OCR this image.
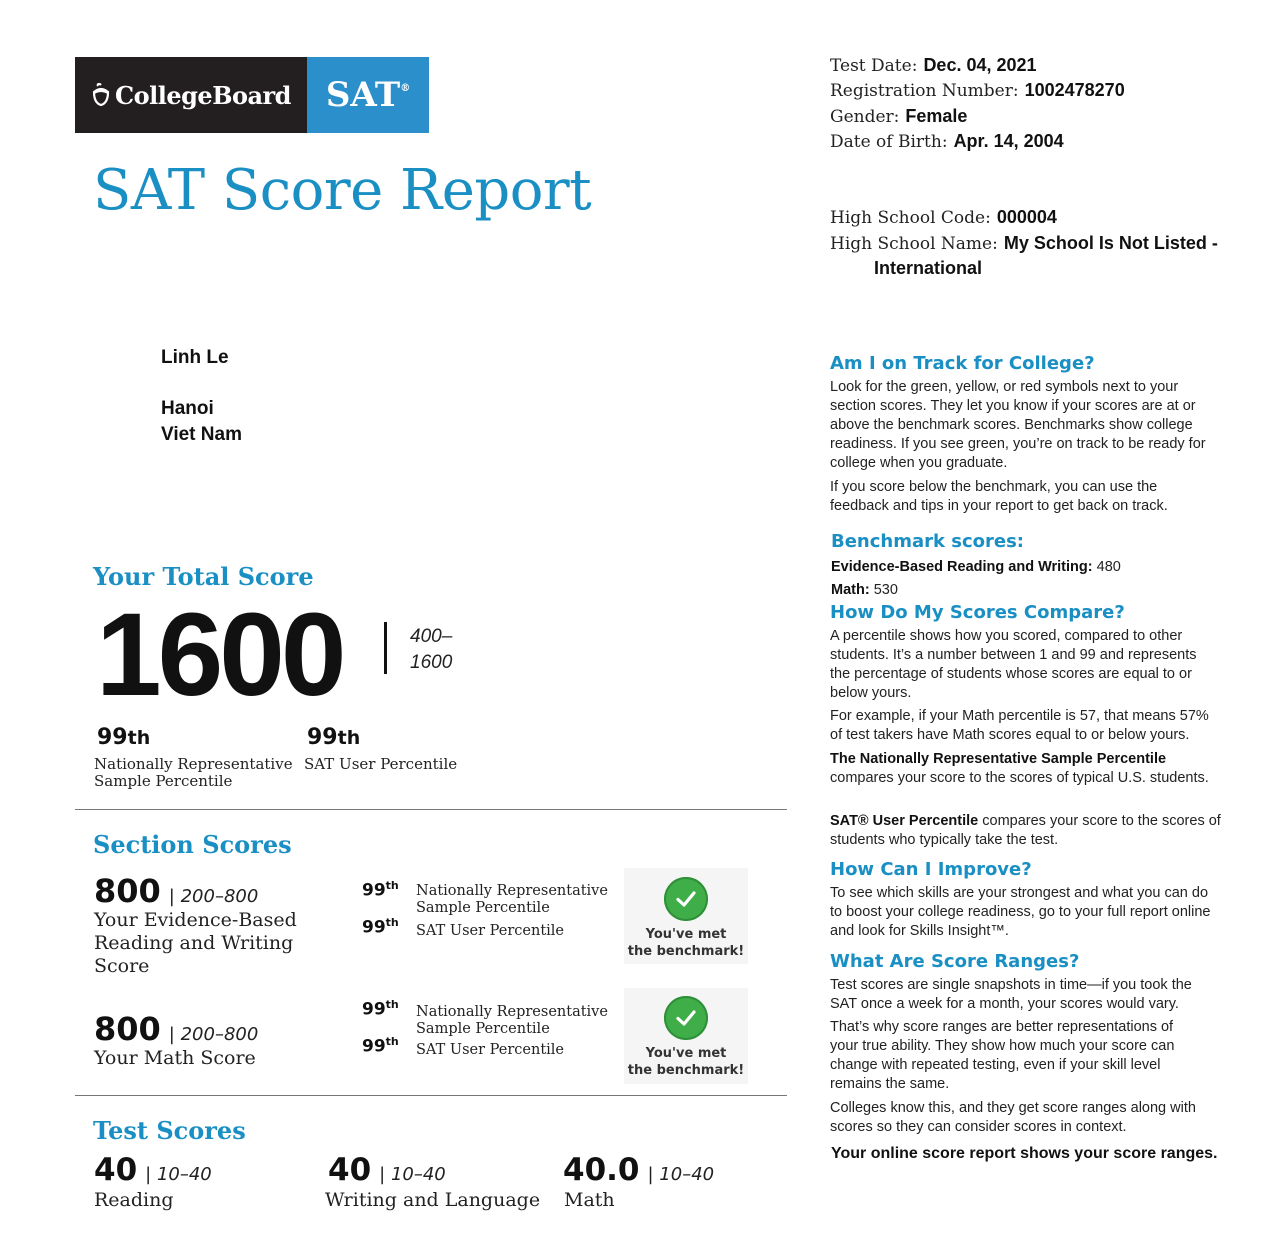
CollegeBoard SAT ®
SAT Score Report
Test Date: Dec. 04, 2021
Registration Number: 1002478270
Gender: Female
Date of Birth: Apr. 14, 2004
High School Code: 000004
High School Name: My School Is Not Listed -
International
Linh Le
Hanoi
Viet Nam
Your Total Score
1600	400–
1600
99th
Nationally Representative
Sample Percentile
99th
SAT User Percentile
Section Scores
800 | 200–800
Your Evidence-Based
Reading and Writing
Score
99th Nationally Representative
Sample Percentile
99th
SAT User Percentile	You've met
the benchmark!
800 | 200–800
Your Math Score
99th Nationally Representative
Sample Percentile
99th
SAT User Percentile	You've met
the benchmark!
Test Scores
40 | 10–40
Reading
40 | 10–40
Writing and Language
40.0 | 10–40
Math
Am I on Track for College?
Look for the green, yellow, or red symbols next to your section scores. They let you know if your scores are at or above the benchmark scores. Benchmarks show college readiness. If you see green, you’re on track to be ready for college when you graduate.
If you score below the benchmark, you can use the feedback and tips in your report to get back on track.
Benchmark scores:
Evidence-Based Reading and Writing: 480
Math: 530
How Do My Scores Compare?
A percentile shows how you scored, compared to other students. It’s a number between 1 and 99 and represents the percentage of students whose scores are equal to or below yours.
For example, if your Math percentile is 57, that means 57% of test takers have Math scores equal to or below yours.
The Nationally Representative Sample Percentile compares your score to the scores of typical U.S. students.
SAT® User Percentile compares your score to the scores of students who typically take the test.
How Can I Improve?
To see which skills are your strongest and what you can do to boost your college readiness, go to your full report online and look for Skills Insight™.
What Are Score Ranges?
Test scores are single snapshots in time—if you took the SAT once a week for a month, your scores would vary.
That’s why score ranges are better representations of your true ability. They show how much your score can change with repeated testing, even if your skill level remains the same.
Colleges know this, and they get score ranges along with scores so they can consider scores in context.
Your online score report shows your score ranges.
